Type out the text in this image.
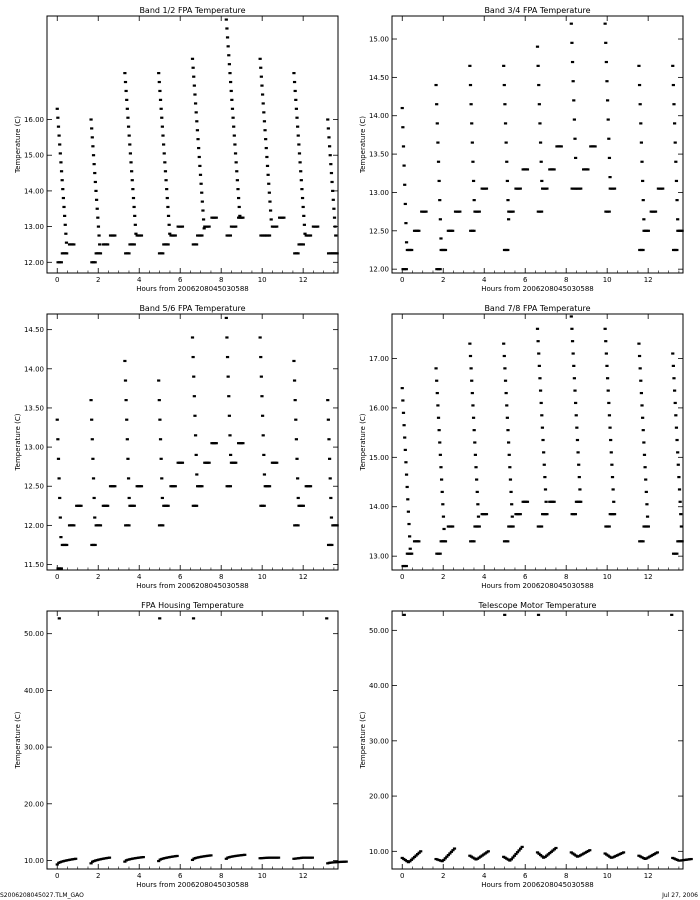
Band 1/2 FPA Temperature
0	2	4	6	8	10	12
12.00
13.00
14.00
15.00
16.00
Hours from 2006208045030588
Temperature (C)
Band 3/4 FPA Temperature
0	2	4	6	8	10	12
12.00
12.50
13.00
13.50
14.00
14.50
15.00
Hours from 2006208045030588
Temperature (C)
Band 5/6 FPA Temperature
0	2	4	6	8	10	12
11.50
12.00
12.50
13.00
13.50
14.00
14.50
Hours from 2006208045030588
Temperature (C)
Band 7/8 FPA Temperature
0	2	4	6	8	10	12
13.00
14.00
15.00
16.00
17.00
Hours from 2006208045030588
Temperature (C)
FPA Housing Temperature
0	2	4	6	8	10	12
10.00
20.00
30.00
40.00
50.00
Hours from 2006208045030588
Temperature (C)
Telescope Motor Temperature
0	2	4	6	8	10	12
10.00
20.00
30.00
40.00
50.00
Hours from 2006208045030588
Temperature (C)
S2006208045027.TLM_GAO	Jul 27, 2006
